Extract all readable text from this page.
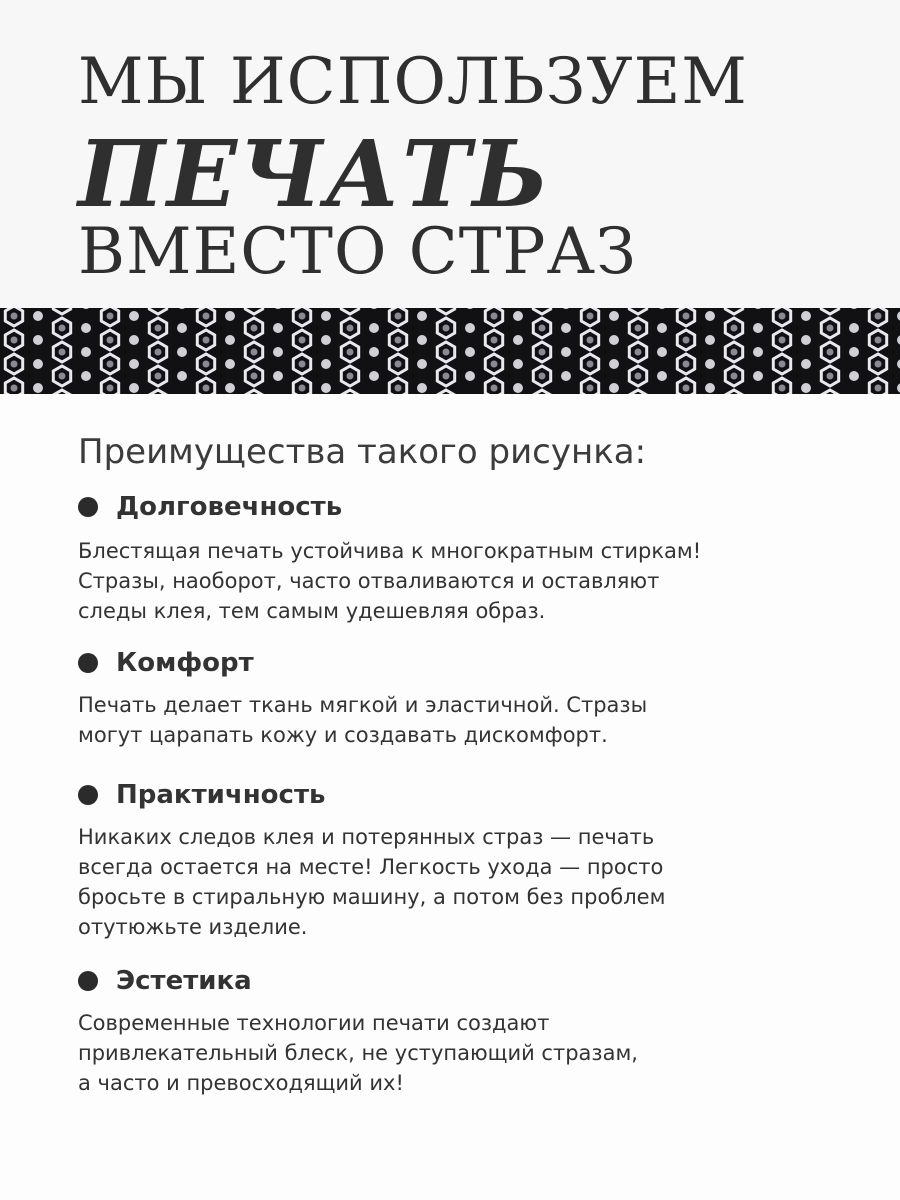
МЫ ИСПОЛЬЗУЕМ
ПЕЧАТЬ
ВМЕСТО СТРАЗ
Преимущества такого рисунка:
Долговечность
Блестящая печать устойчива к многократным стиркам!
Стразы, наоборот, часто отваливаются и оставляют
следы клея, тем самым удешевляя образ.
Комфорт
Печать делает ткань мягкой и эластичной. Стразы
могут царапать кожу и создавать дискомфорт.
Практичность
Никаких следов клея и потерянных страз — печать
всегда остается на месте! Легкость ухода — просто
бросьте в стиральную машину, а потом без проблем
отутюжьте изделие.
Эстетика
Современные технологии печати создают
привлекательный блеск, не уступающий стразам,
а часто и превосходящий их!
